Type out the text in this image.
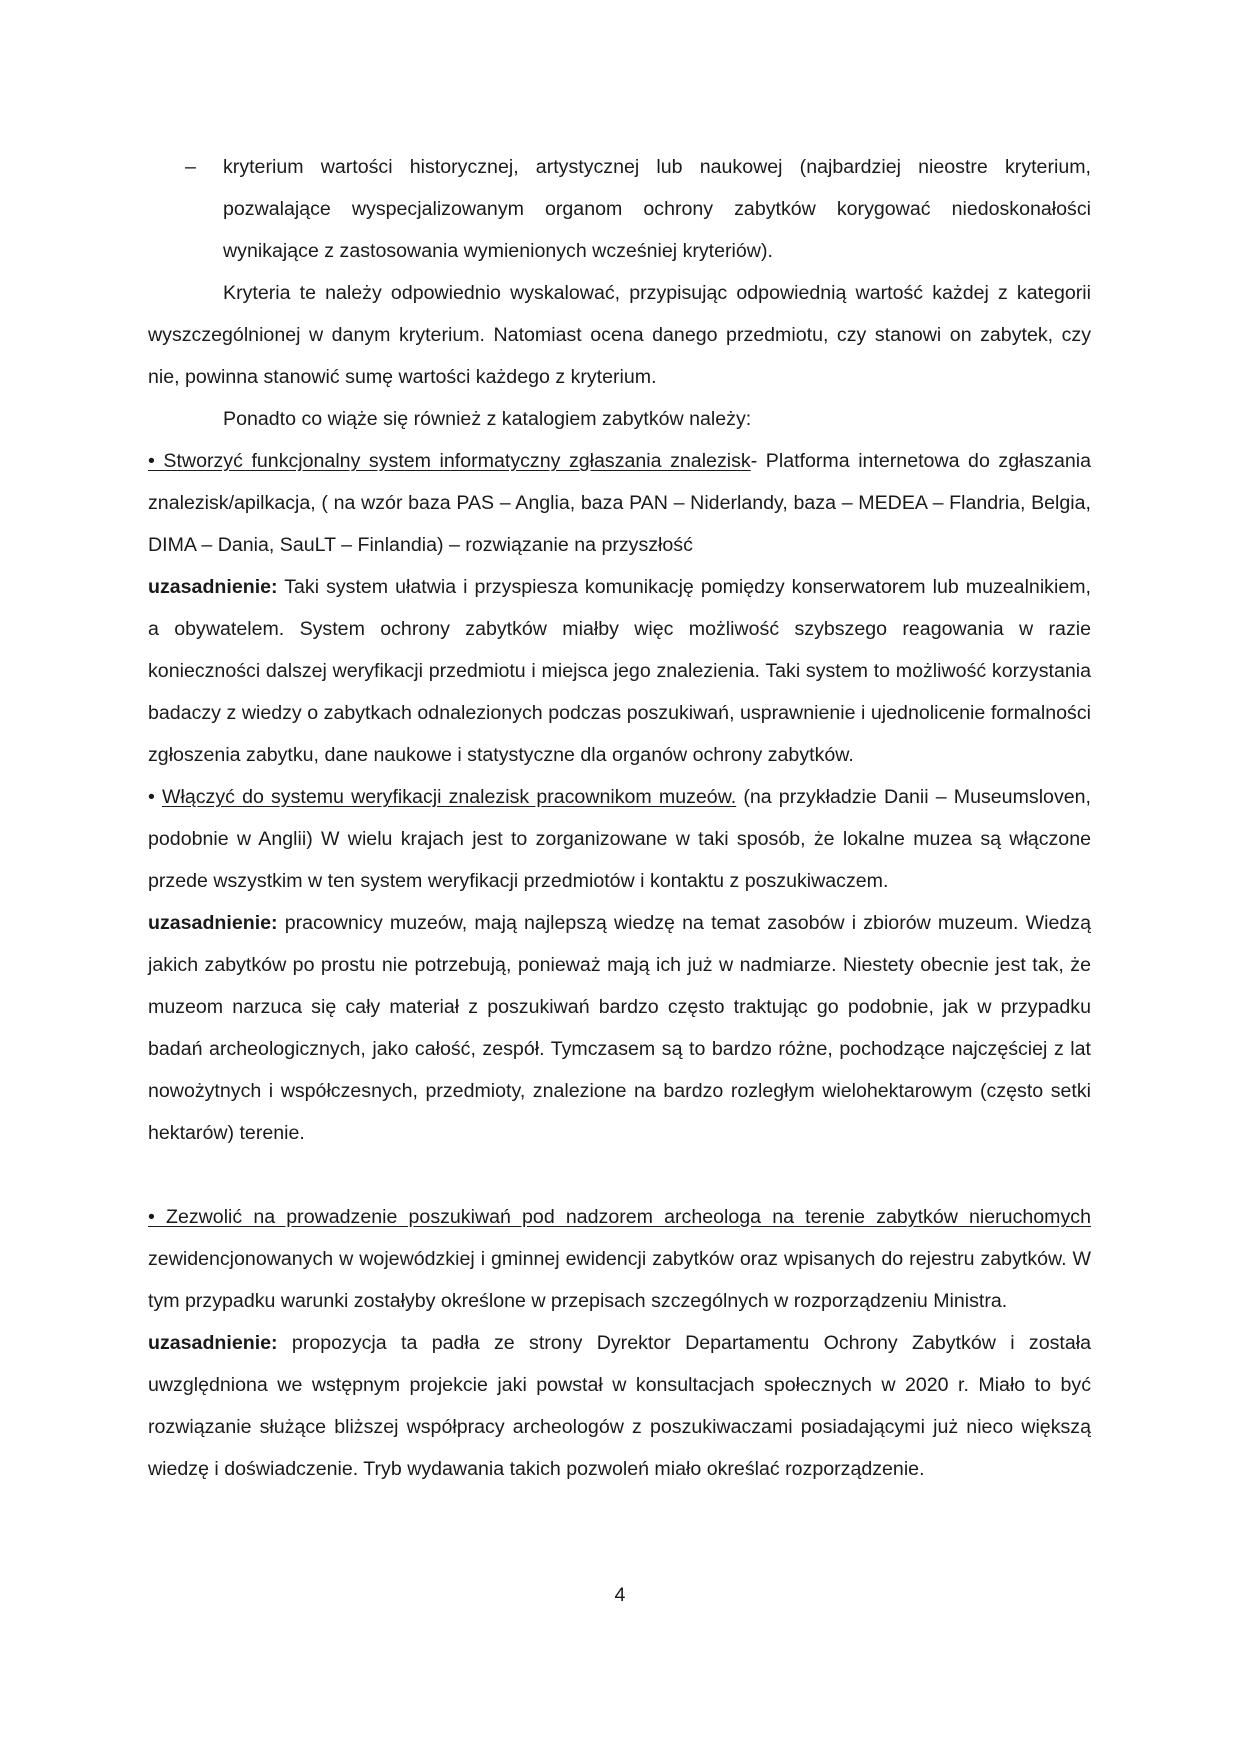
– kryterium wartości historycznej, artystycznej lub naukowej (najbardziej nieostre kryterium, pozwalające wyspecjalizowanym organom ochrony zabytków korygować niedoskonałości wynikające z zastosowania wymienionych wcześniej kryteriów).

Kryteria te należy odpowiednio wyskalować, przypisując odpowiednią wartość każdej z kategorii wyszczególnionej w danym kryterium. Natomiast ocena danego przedmiotu, czy stanowi on zabytek, czy nie, powinna stanowić sumę wartości każdego z kryterium.

Ponadto co wiąże się również z katalogiem zabytków należy:

• Stworzyć funkcjonalny system informatyczny zgłaszania znalezisk- Platforma internetowa do zgłaszania znalezisk/apilkacja, ( na wzór baza PAS – Anglia, baza PAN – Niderlandy, baza – MEDEA – Flandria, Belgia, DIMA – Dania, SauLT – Finlandia) – rozwiązanie na przyszłość

uzasadnienie: Taki system ułatwia i przyspiesza komunikację pomiędzy konserwatorem lub muzealnikiem, a obywatelem. System ochrony zabytków miałby więc możliwość szybszego reagowania w razie konieczności dalszej weryfikacji przedmiotu i miejsca jego znalezienia. Taki system to możliwość korzystania badaczy z wiedzy o zabytkach odnalezionych podczas poszukiwań, usprawnienie i ujednolicenie formalności zgłoszenia zabytku, dane naukowe i statystyczne dla organów ochrony zabytków.

• Włączyć do systemu weryfikacji znalezisk pracownikom muzeów. (na przykładzie Danii – Museumsloven, podobnie w Anglii) W wielu krajach jest to zorganizowane w taki sposób, że lokalne muzea są włączone przede wszystkim w ten system weryfikacji przedmiotów i kontaktu z poszukiwaczem.

uzasadnienie: pracownicy muzeów, mają najlepszą wiedzę na temat zasobów i zbiorów muzeum. Wiedzą jakich zabytków po prostu nie potrzebują, ponieważ mają ich już w nadmiarze. Niestety obecnie jest tak, że muzeom narzuca się cały materiał z poszukiwań bardzo często traktując go podobnie, jak w przypadku badań archeologicznych, jako całość, zespół. Tymczasem są to bardzo różne, pochodzące najczęściej z lat nowożytnych i współczesnych, przedmioty, znalezione na bardzo rozległym wielohektarowym (często setki hektarów) terenie.

• Zezwolić na prowadzenie poszukiwań pod nadzorem archeologa na terenie zabytków nieruchomych zewidencjonowanych w wojewódzkiej i gminnej ewidencji zabytków oraz wpisanych do rejestru zabytków. W tym przypadku warunki zostałyby określone w przepisach szczególnych w rozporządzeniu Ministra.

uzasadnienie: propozycja ta padła ze strony Dyrektor Departamentu Ochrony Zabytków i została uwzględniona we wstępnym projekcie jaki powstał w konsultacjach społecznych w 2020 r. Miało to być rozwiązanie służące bliższej współpracy archeologów z poszukiwaczami posiadającymi już nieco większą wiedzę i doświadczenie. Tryb wydawania takich pozwoleń miało określać rozporządzenie.

4
